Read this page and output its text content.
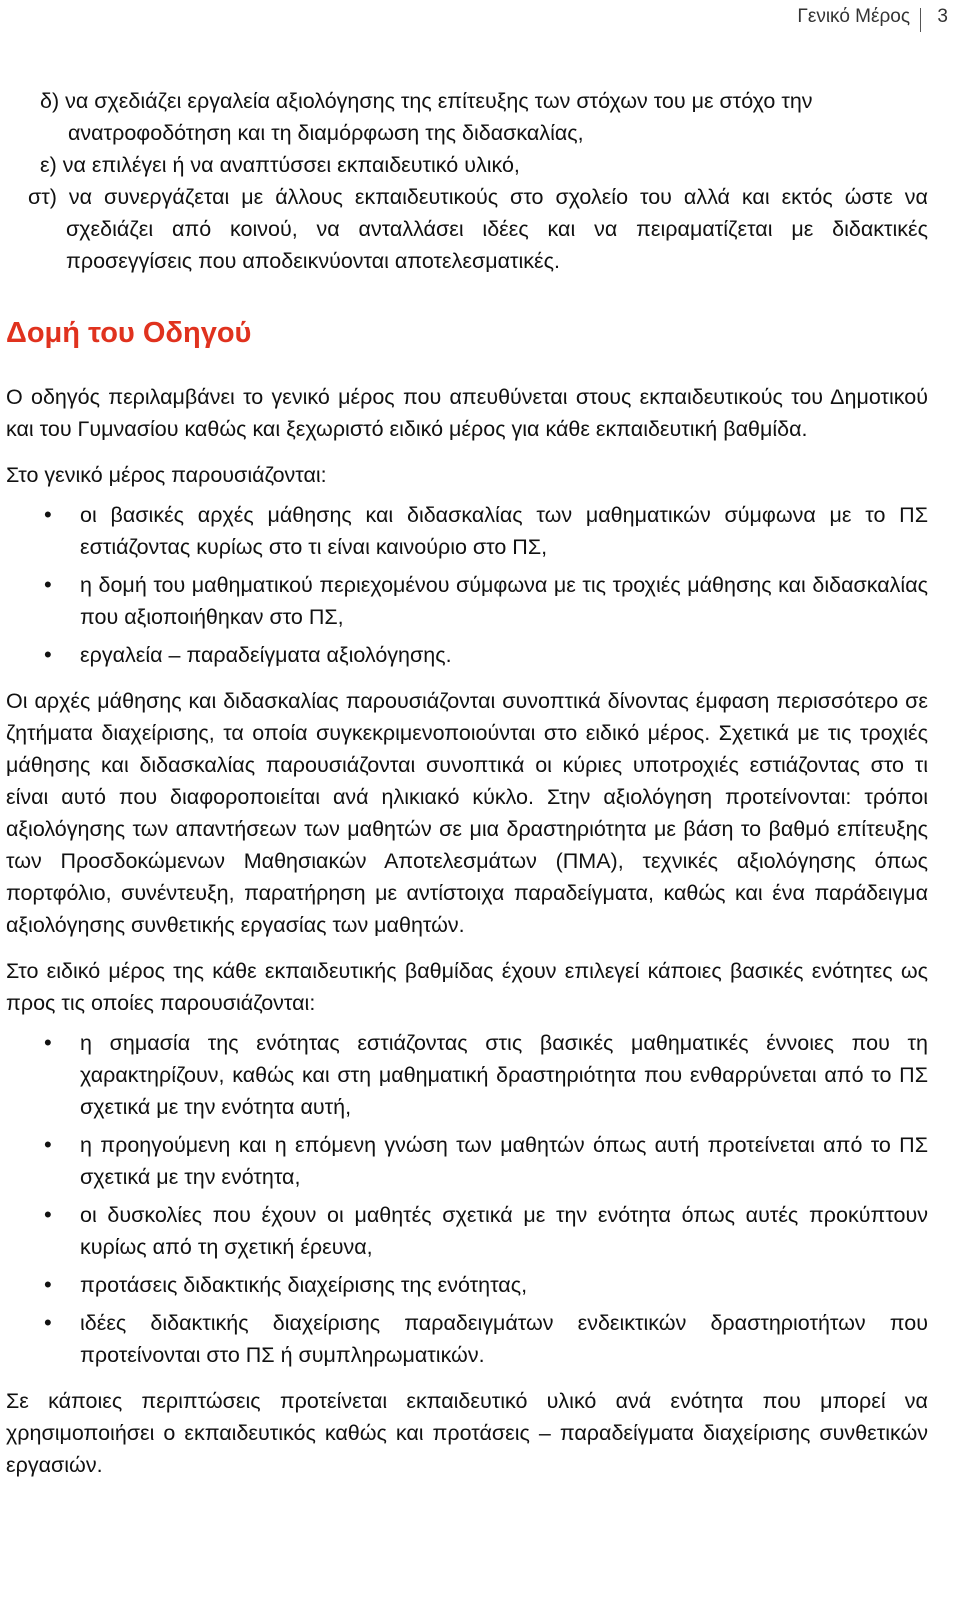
Γενικό Μέρος 3

δ) να σχεδιάζει εργαλεία αξιολόγησης της επίτευξης των στόχων του με στόχο την ανατροφοδότηση και τη διαμόρφωση της διδασκαλίας,

ε) να επιλέγει ή να αναπτύσσει εκπαιδευτικό υλικό,

στ) να συνεργάζεται με άλλους εκπαιδευτικούς στο σχολείο του αλλά και εκτός ώστε να σχεδιάζει από κοινού, να ανταλλάσει ιδέες και να πειραματίζεται με διδακτικές προσεγγίσεις που αποδεικνύονται αποτελεσματικές.

Δομή του Οδηγού

Ο οδηγός περιλαμβάνει το γενικό μέρος που απευθύνεται στους εκπαιδευτικούς του Δημοτικού και του Γυμνασίου καθώς και ξεχωριστό ειδικό μέρος για κάθε εκπαιδευτική βαθμίδα.

Στο γενικό μέρος παρουσιάζονται:

• οι βασικές αρχές μάθησης και διδασκαλίας των μαθηματικών σύμφωνα με το ΠΣ εστιάζοντας κυρίως στο τι είναι καινούριο στο ΠΣ,
• η δομή του μαθηματικού περιεχομένου σύμφωνα με τις τροχιές μάθησης και διδασκαλίας που αξιοποιήθηκαν στο ΠΣ,
• εργαλεία – παραδείγματα αξιολόγησης.

Οι αρχές μάθησης και διδασκαλίας παρουσιάζονται συνοπτικά δίνοντας έμφαση περισσότερο σε ζητήματα διαχείρισης, τα οποία συγκεκριμενοποιούνται στο ειδικό μέρος. Σχετικά με τις τροχιές μάθησης και διδασκαλίας παρουσιάζονται συνοπτικά οι κύριες υποτροχιές εστιάζοντας στο τι είναι αυτό που διαφοροποιείται ανά ηλικιακό κύκλο. Στην αξιολόγηση προτείνονται: τρόποι αξιολόγησης των απαντήσεων των μαθητών σε μια δραστηριότητα με βάση το βαθμό επίτευξης των Προσδοκώμενων Μαθησιακών Αποτελεσμάτων (ΠΜΑ), τεχνικές αξιολόγησης όπως πορτφόλιο, συνέντευξη, παρατήρηση με αντίστοιχα παραδείγματα, καθώς και ένα παράδειγμα αξιολόγησης συνθετικής εργασίας των μαθητών.

Στο ειδικό μέρος της κάθε εκπαιδευτικής βαθμίδας έχουν επιλεγεί κάποιες βασικές ενότητες ως προς τις οποίες παρουσιάζονται:

• η σημασία της ενότητας εστιάζοντας στις βασικές μαθηματικές έννοιες που τη χαρακτηρίζουν, καθώς και στη μαθηματική δραστηριότητα που ενθαρρύνεται από το ΠΣ σχετικά με την ενότητα αυτή,
• η προηγούμενη και η επόμενη γνώση των μαθητών όπως αυτή προτείνεται από το ΠΣ σχετικά με την ενότητα,
• οι δυσκολίες που έχουν οι μαθητές σχετικά με την ενότητα όπως αυτές προκύπτουν κυρίως από τη σχετική έρευνα,
• προτάσεις διδακτικής διαχείρισης της ενότητας,
• ιδέες διδακτικής διαχείρισης παραδειγμάτων ενδεικτικών δραστηριοτήτων που προτείνονται στο ΠΣ ή συμπληρωματικών.

Σε κάποιες περιπτώσεις προτείνεται εκπαιδευτικό υλικό ανά ενότητα που μπορεί να χρησιμοποιήσει ο εκπαιδευτικός καθώς και προτάσεις – παραδείγματα διαχείρισης συνθετικών εργασιών.
